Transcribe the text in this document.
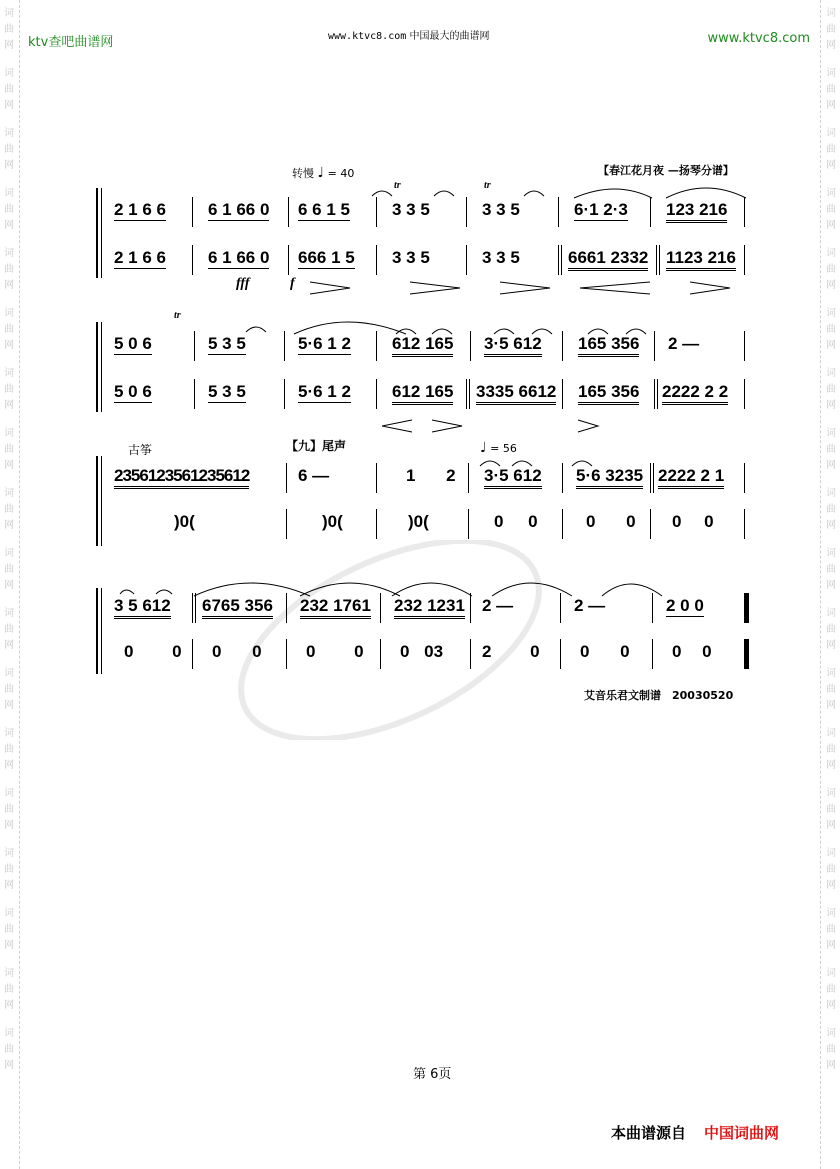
词
曲
网
词
曲
网
词
曲
网
词
曲
网
词
曲
网
词
曲
网
词
曲
网
词
曲
网
词
曲
网
词
曲
网
词
曲
网
词
曲
网
词
曲
网
词
曲
网
词
曲
网
词
曲
网
词
曲
网
词
曲
网
词
曲
网
词
曲
网
词
曲
网
词
曲
网
词
曲
网
词
曲
网
词
曲
网
词
曲
网
词
曲
网
词
曲
网
词
曲
网
词
曲
网
词
曲
网
词
曲
网
词
曲
网
词
曲
网
词
曲
网
词
曲
网
ktv查吧曲谱网	www.ktvc8.com 中国最大的曲谱网	www.ktvc8.com
【春江花月夜 —扬琴分谱】
转慢 ♩ = 40
2 1 6 6 6 1 66 0 6 6 1 5 3 3 5	3 3 5	6·1 2·3 123 216
2 1 6 6 6 1 66 0 666 1 5 3 3 5	3 3 5	6661 2332 1123 216
tr	tr
fff	f
5 0 6	5 3 5	5·6 1 2 612 165 3·5 612 165 356 2 —
5 0 6	5 3 5	5·6 1 2 612 165 3335 6612 165 356 2222 2 2
tr
♩ = 56
【九】尾声
古筝
2356123561235612	6 —	1 2 3·5 612 5·6 3235 2222 2 1
)0(	)0(	)0(	0 0	0 0 0 0
3 5 612 6765 356 232 1761 232 1231 2 —	2 —	2 0 0
0 0 0 0	0 0 0 03 2 0 0 0 0 0
艾音乐君文制谱　20030520
第 6页
本曲谱源自 中国词曲网
